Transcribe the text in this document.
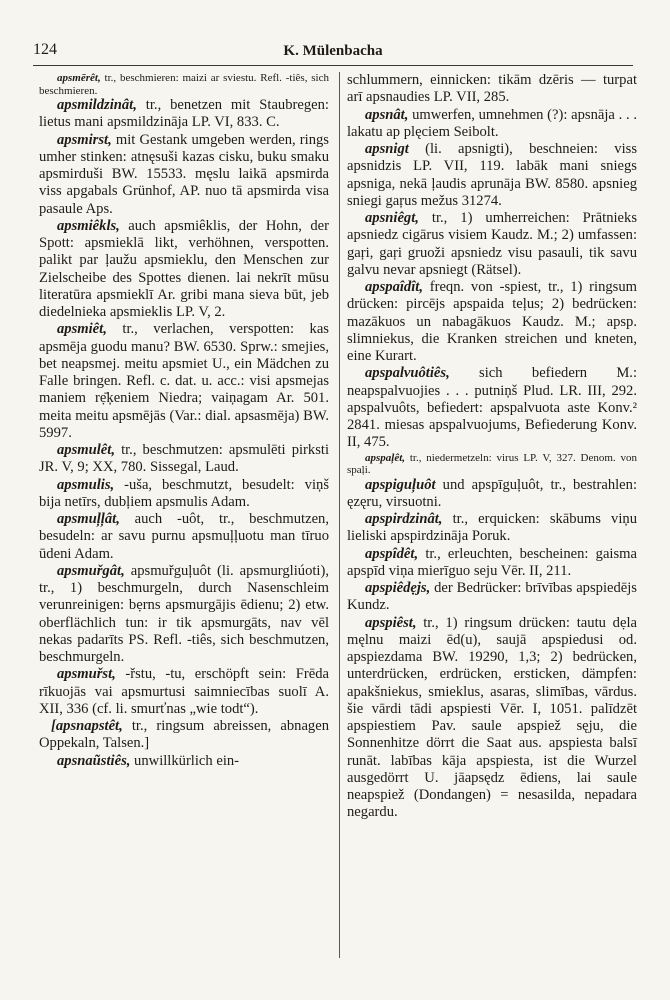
124	K. Mülenbacha

apsmērêt, tr., beschmieren: maizi ar sviestu. Refl. -tiês, sich beschmieren.

apsmildzinât, tr., benetzen mit Staubregen: lietus mani apsmildzināja LP. VI, 833. C.

apsmirst, mit Gestank umgeben werden, rings umher stinken: atnęsuši kazas cisku, buku smaku apsmirduši BW. 15533. męslu laikā apsmirda viss apgabals Grünhof, AP. nuo tā apsmirda visa pasaule Aps.

apsmiêkls, auch apsmiêklis, der Hohn, der Spott: apsmieklā likt, verhöhnen, verspotten. palikt par ļaužu apsmieklu, den Menschen zur Zielscheibe des Spottes dienen. lai nekrīt mūsu literatūra apsmieklī Ar. gribi mana sieva būt, jeb diedelnieka apsmieklis LP. V, 2.

apsmiêt, tr., verlachen, verspotten: kas apsmēja guodu manu? BW. 6530. Sprw.: smejies, bet neapsmej. meitu apsmiet U., ein Mädchen zu Falle bringen. Refl. c. dat. u. acc.: visi apsmejas maniem rẹ̄ķeniem Niedra; vaiņagam Ar. 501. meita meitu apsmējās (Var.: dial. apsasmēja) BW. 5997.

apsmulêt, tr., beschmutzen: apsmulēti pirksti JR. V, 9; XX, 780. Sissegal, Laud.

apsmulis, -uša, beschmutzt, besudelt: viņš bija netīrs, dubļiem apsmulis Adam.

apsmuļļât, auch -uôt, tr., beschmutzen, besudeln: ar savu purnu apsmuļļuotu man tīruo ūdeni Adam.

apsmuřgât, apsmuřguļuôt (li. apsmurgliúoti), tr., 1) beschmurgeln, durch Nasenschleim verunreinigen: bẹrns apsmurgājis ēdienu; 2) etw. oberflächlich tun: ir tik apsmurgāts, nav vēl nekas padarīts PS. Refl. -tiês, sich beschmutzen, beschmurgeln.

apsmuřst, -řstu, -tu, erschöpft sein: Frēda rīkuojās vai apsmurtusi saimniecības suolī A. XII, 336 (cf. li. smurťnas „wie todt“).

[apsnapstêt, tr., ringsum abreissen, abnagen Oppekaln, Talsen.]

apsnaũstiês, unwillkürlich ein-

schlummern, einnicken: tikām dzēris — turpat arī apsnaudies LP. VII, 285.

apsnât, umwerfen, umnehmen (?): apsnāja . . . lakatu ap plęciem Seibolt.

apsnigt (li. apsnigti), beschneien: viss apsnidzis LP. VII, 119. labāk mani sniegs apsniga, nekā ļaudis aprunāja BW. 8580. apsnieg sniegi gaŗus mežus 31274.

apsniêgt, tr., 1) umherreichen: Prātnieks apsniedz cigārus visiem Kaudz. M.; 2) umfassen: gaŗi, gaŗi gruoži apsniedz visu pasauli, tik savu galvu nevar apsniegt (Rätsel).

apspaîdît, freqn. von -spiest, tr., 1) ringsum drücken: pircējs apspaida teļus; 2) bedrücken: mazākuos un nabagākuos Kaudz. M.; apsp. slimniekus, die Kranken streichen und kneten, eine Kurart.

apspalvuôtiês, sich befiedern M.: neapspalvuojies . . . putniņš Plud. LR. III, 292. apspalvuôts, befiedert: apspalvuota aste Konv.² 2841. miesas apspalvuojums, Befiederung Konv. II, 475.

apspaļêt, tr., niedermetzeln: virus LP. V, 327. Denom. von spaļi.

apspiguļuôt und apspīguļuôt, tr., bestrahlen: ęzęru, virsuotni.

apspirdzinât, tr., erquicken: skābums viņu lieliski apspirdzināja Poruk.

apspîdêt, tr., erleuchten, bescheinen: gaisma apspīd viņa mierīguo seju Vēr. II, 211.

apspiêdẹjs, der Bedrücker: brīvības apspiedējs Kundz.

apspiêst, tr., 1) ringsum drücken: tautu dẹla męlnu maizi ēd(u), saujā apspiedusi od. apspiezdama BW. 19290, 1,3; 2) bedrücken, unterdrücken, erdrücken, ersticken, dämpfen: apakšniekus, smieklus, asaras, slimības, vārdus. šie vārdi tādi apspiesti Vēr. I, 1051. palīdzēt apspiestiem Pav. saule apspiež sęju, die Sonnenhitze dörrt die Saat aus. apspiesta balsī runāt. labības kāja apspiesta, ist die Wurzel ausgedörrt U. jāapsędz ēdiens, lai saule neapspiež (Dondangen) = nesasilda, nepadara negardu.
